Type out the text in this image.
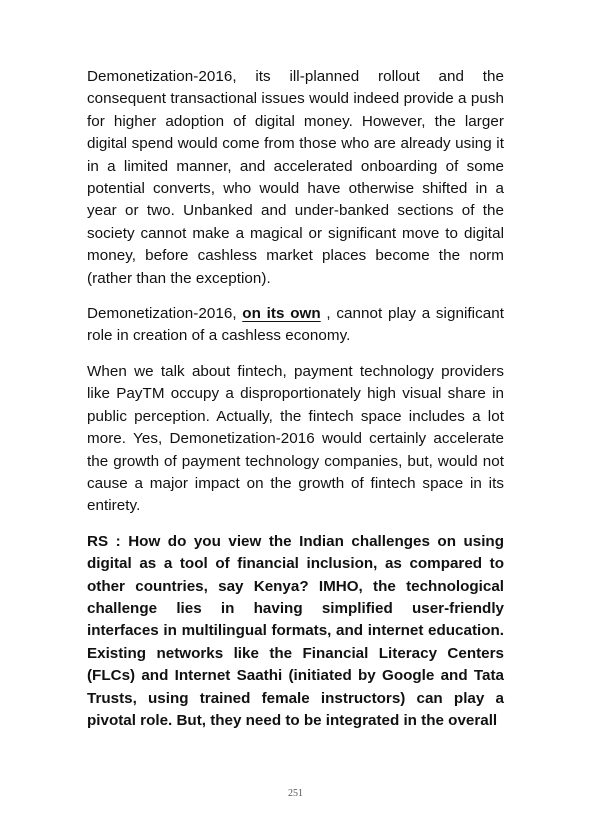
Demonetization-2016, its ill-planned rollout and the consequent transactional issues would indeed provide a push for higher adoption of digital money. However, the larger digital spend would come from those who are already using it in a limited manner, and accelerated onboarding of some potential converts, who would have otherwise shifted in a year or two. Unbanked and under-banked sections of the society cannot make a magical or significant move to digital money, before cashless market places become the norm (rather than the exception).

Demonetization-2016, on its own , cannot play a significant role in creation of a cashless economy.

When we talk about fintech, payment technology providers like PayTM occupy a disproportionately high visual share in public perception. Actually, the fintech space includes a lot more. Yes, Demonetization-2016 would certainly accelerate the growth of payment technology companies, but, would not cause a major impact on the growth of fintech space in its entirety.

RS : How do you view the Indian challenges on using digital as a tool of financial inclusion, as compared to other countries, say Kenya? IMHO, the technological challenge lies in having simplified user-friendly interfaces in multilingual formats, and internet education. Existing networks like the Financial Literacy Centers (FLCs) and Internet Saathi (initiated by Google and Tata Trusts, using trained female instructors) can play a pivotal role. But, they need to be integrated in the overall

251
